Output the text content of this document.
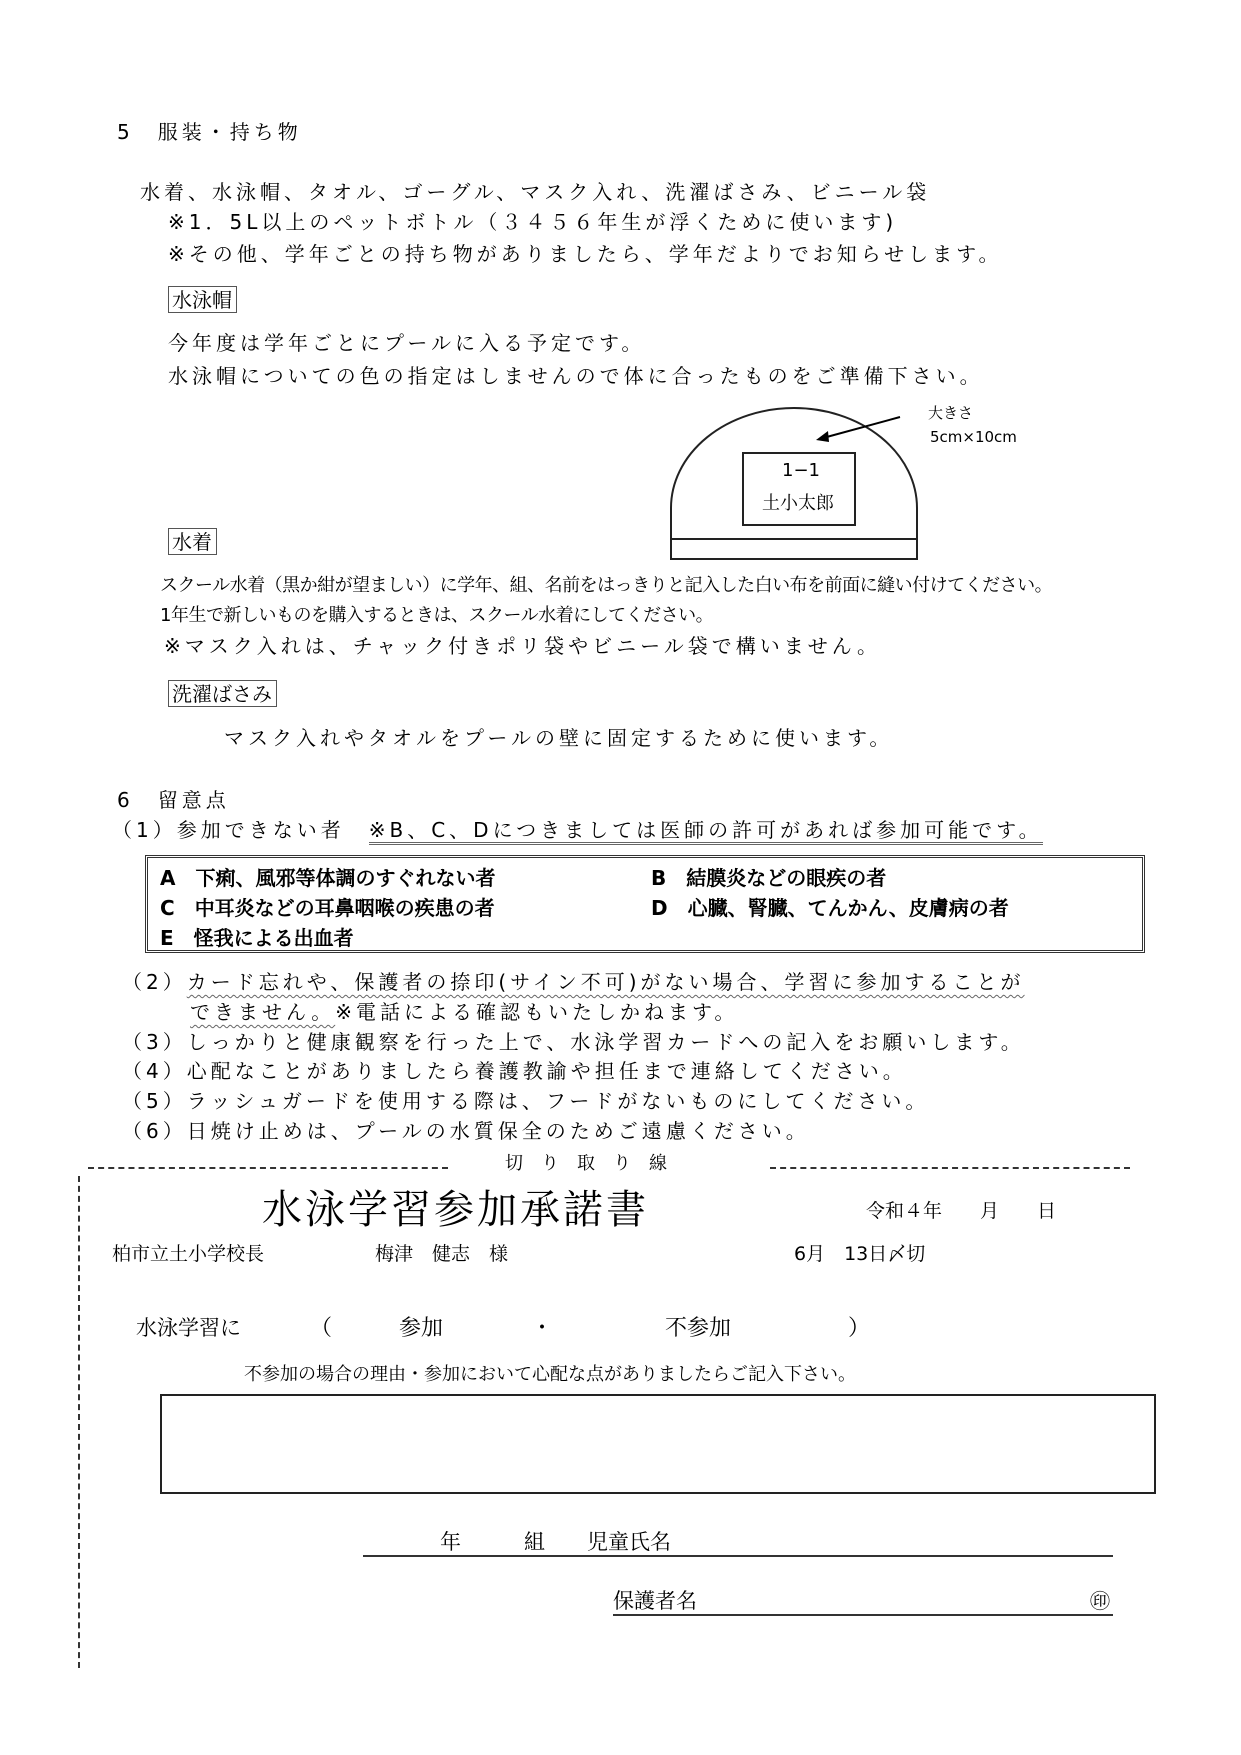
5　服装・持ち物
水着、水泳帽、タオル、ゴーグル、マスク入れ、洗濯ばさみ、ビニール袋
※1．5L以上のペットボトル（３４５６年生が浮くために使います)
※その他、学年ごとの持ち物がありましたら、学年だよりでお知らせします。
水泳帽
今年度は学年ごとにプールに入る予定です。
水泳帽についての色の指定はしませんので体に合ったものをご準備下さい。
1−1
土小太郎
大きさ
5cm×10cm
水着
スクール水着（黒か紺が望ましい）に学年、組、名前をはっきりと記入した白い布を前面に縫い付けてください。
1年生で新しいものを購入するときは、スクール水着にしてください。
※マスク入れは、チャック付きポリ袋やビニール袋で構いません。
洗濯ばさみ
マスク入れやタオルをプールの壁に固定するために使います。
6　留意点
（1）参加できない者　※B、C、Dにつきましては医師の許可があれば参加可能です。
A　 下痢、風邪等体調のすぐれない者	B　 結膜炎などの眼疾の者
C　 中耳炎などの耳鼻咽喉の疾患の者	D　 心臓、腎臓、てんかん、皮膚病の者
E　 怪我による出血者
（2）カード忘れや、保護者の捺印(サイン不可)がない場合、学習に参加することが
できません。※電話による確認もいたしかねます。
（3）しっかりと健康観察を行った上で、水泳学習カードへの記入をお願いします。
（4）心配なことがありましたら養護教諭や担任まで連絡してください。
（5）ラッシュガードを使用する際は、フードがないものにしてください。
（6）日焼け止めは、プールの水質保全のためご遠慮ください。
切　り　取　り　線
水泳学習参加承諾書	令和４年　　月　　日
柏市立土小学校長	梅津　健志　様	6月　13日〆切
水泳学習に	（	参加	・	不参加	）
不参加の場合の理由・参加において心配な点がありましたらご記入下さい。
年　　　組　　児童氏名
保護者名	㊞
